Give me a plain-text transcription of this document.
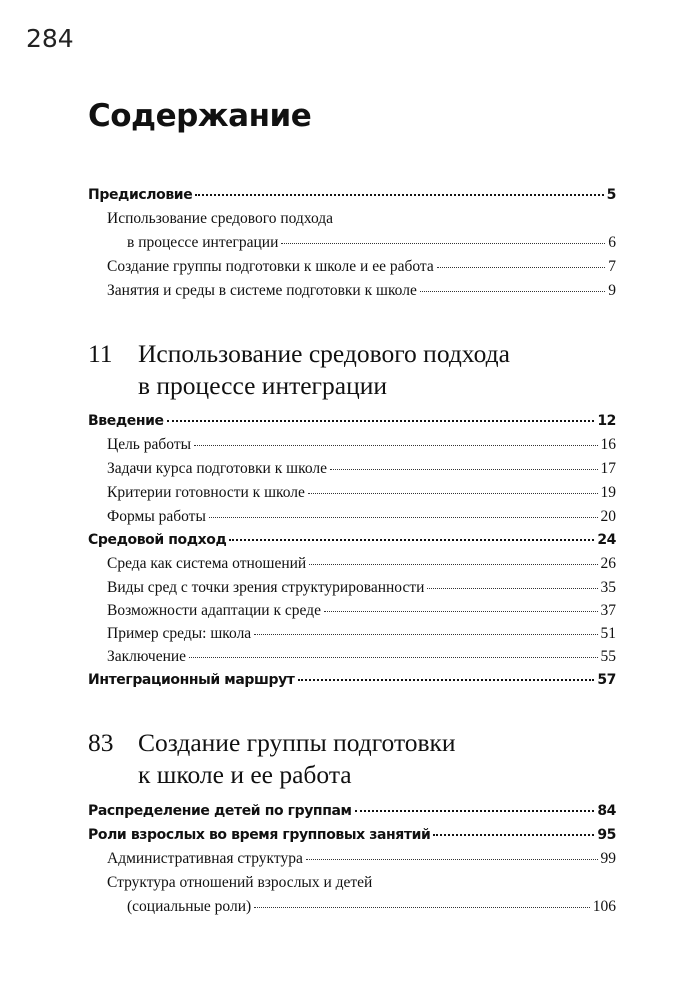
284
Содержание
Предисловие	5
Использование средового подхода
в процессе интеграции	6
Создание группы подготовки к школе и ее работа	7
Занятия и среды в системе подготовки к школе	9
11 Использование средового подхода
в процессе интеграции
Введение	12
Цель работы	16
Задачи курса подготовки к школе	17
Критерии готовности к школе	19
Формы работы	20
Средовой подход	24
Среда как система отношений	26
Виды сред с точки зрения структурированности	35
Возможности адаптации к среде	37
Пример среды: школа	51
Заключение	55
Интеграционный маршрут	57
83 Создание группы подготовки
к школе и ее работа
Распределение детей по группам	84
Роли взрослых во время групповых занятий	95
Административная структура	99
Структура отношений взрослых и детей
(социальные роли)	106
